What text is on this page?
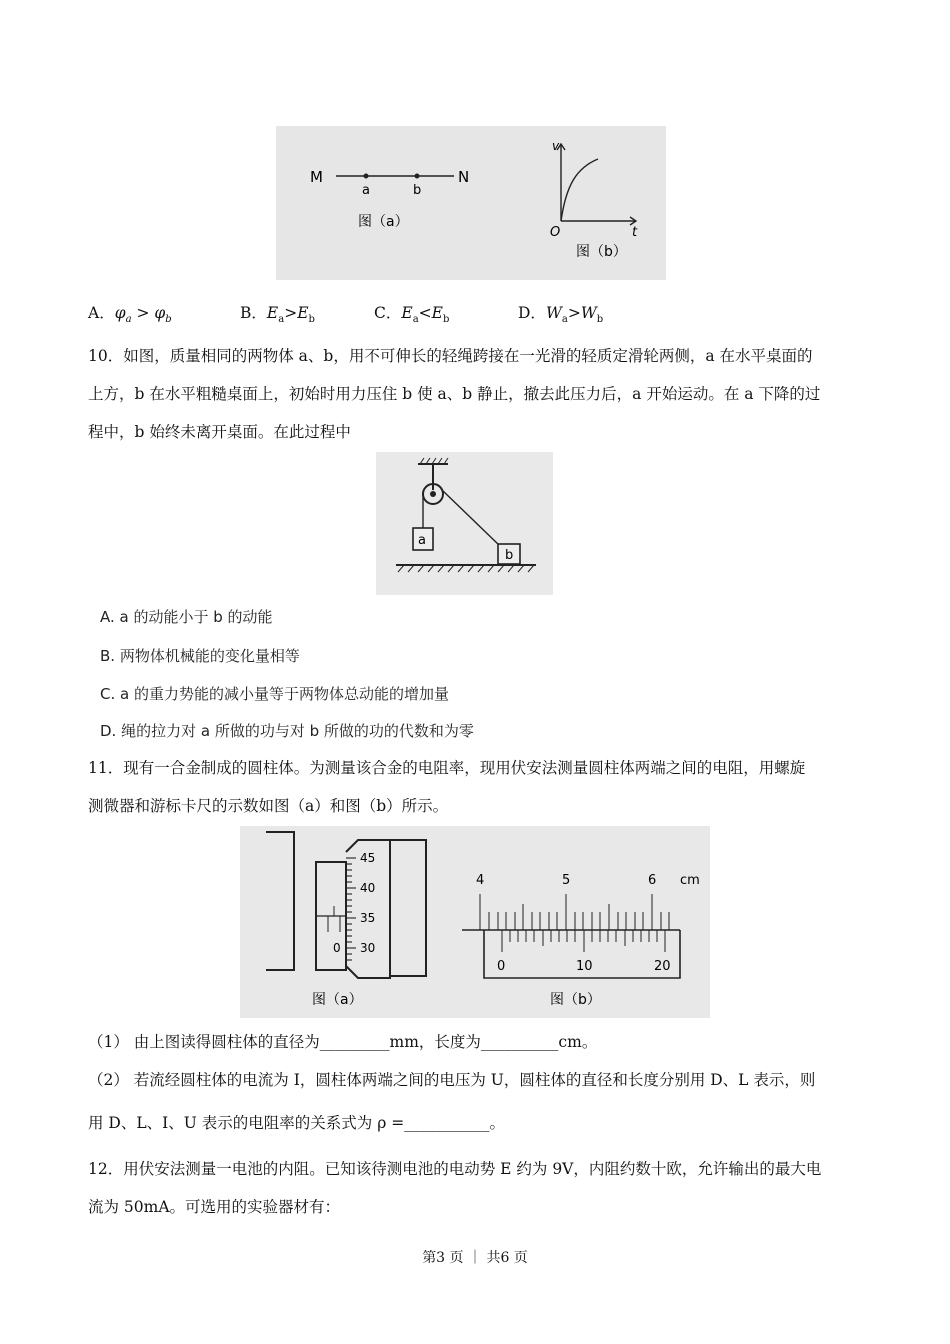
M	N
a	b
图（a）
v
t
O
图（b）
A．$\varphi_a > \varphi_b$	B．$E_a>E_b$	C．$E_a<E_b$	D．$W_a>W_b$
10．如图，质量相同的两物体 a、b，用不可伸长的轻绳跨接在一光滑的轻质定滑轮两侧，a 在水平桌面的
上方，b 在水平粗糙桌面上，初始时用力压住 b 使 a、b 静止，撤去此压力后，a 开始运动。在 a 下降的过
程中，b 始终未离开桌面。在此过程中
a
b
A. a 的动能小于 b 的动能
B. 两物体机械能的变化量相等
C. a 的重力势能的减小量等于两物体总动能的增加量
D. 绳的拉力对 a 所做的功与对 b 所做的功的代数和为零
11．现有一合金制成的圆柱体。为测量该合金的电阻率，现用伏安法测量圆柱体两端之间的电阻，用螺旋
测微器和游标卡尺的示数如图（a）和图（b）所示。
0
45
40
35
30
图（a）
4	5	6 cm
0	10	20
图（b）
（1） 由上图读得圆柱体的直径为_________mm，长度为__________cm。
（2） 若流经圆柱体的电流为 I，圆柱体两端之间的电压为 U，圆柱体的直径和长度分别用 D、L 表示，则
用 D、L、I、U 表示的电阻率的关系式为 ρ =___________。
12．用伏安法测量一电池的内阻。已知该待测电池的电动势 E 约为 9V，内阻约数十欧，允许输出的最大电
流为 50mA。可选用的实验器材有：
第3 页 ｜ 共6 页
